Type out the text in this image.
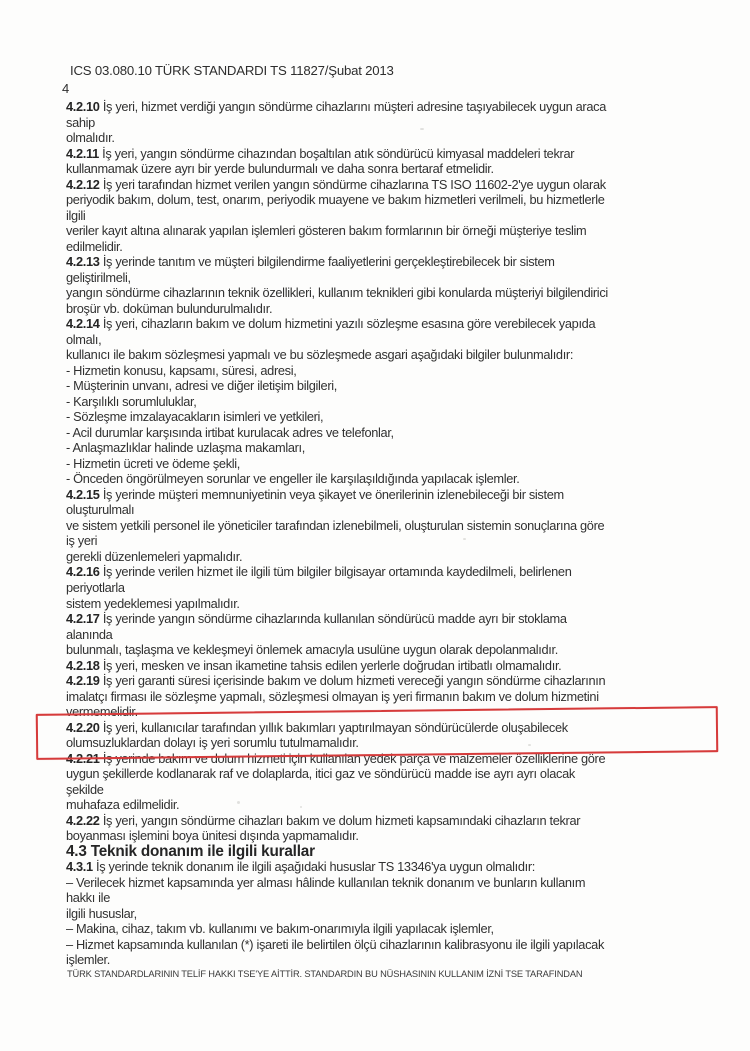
ICS 03.080.10 TÜRK STANDARDI TS 11827/Şubat 2013
4
4.2.10 İş yeri, hizmet verdiği yangın söndürme cihazlarını müşteri adresine taşıyabilecek uygun araca
sahip
olmalıdır.
4.2.11 İş yeri, yangın söndürme cihazından boşaltılan atık söndürücü kimyasal maddeleri tekrar
kullanmamak üzere ayrı bir yerde bulundurmalı ve daha sonra bertaraf etmelidir.
4.2.12 İş yeri tarafından hizmet verilen yangın söndürme cihazlarına TS ISO 11602-2'ye uygun olarak
periyodik bakım, dolum, test, onarım, periyodik muayene ve bakım hizmetleri verilmeli, bu hizmetlerle
ilgili
veriler kayıt altına alınarak yapılan işlemleri gösteren bakım formlarının bir örneği müşteriye teslim
edilmelidir.
4.2.13 İş yerinde tanıtım ve müşteri bilgilendirme faaliyetlerini gerçekleştirebilecek bir sistem
geliştirilmeli,
yangın söndürme cihazlarının teknik özellikleri, kullanım teknikleri gibi konularda müşteriyi bilgilendirici
broşür vb. doküman bulundurulmalıdır.
4.2.14 İş yeri, cihazların bakım ve dolum hizmetini yazılı sözleşme esasına göre verebilecek yapıda
olmalı,
kullanıcı ile bakım sözleşmesi yapmalı ve bu sözleşmede asgari aşağıdaki bilgiler bulunmalıdır:
- Hizmetin konusu, kapsamı, süresi, adresi,
- Müşterinin unvanı, adresi ve diğer iletişim bilgileri,
- Karşılıklı sorumluluklar,
- Sözleşme imzalayacakların isimleri ve yetkileri,
- Acil durumlar karşısında irtibat kurulacak adres ve telefonlar,
- Anlaşmazlıklar halinde uzlaşma makamları,
- Hizmetin ücreti ve ödeme şekli,
- Önceden öngörülmeyen sorunlar ve engeller ile karşılaşıldığında yapılacak işlemler.
4.2.15 İş yerinde müşteri memnuniyetinin veya şikayet ve önerilerinin izlenebileceği bir sistem
oluşturulmalı
ve sistem yetkili personel ile yöneticiler tarafından izlenebilmeli, oluşturulan sistemin sonuçlarına göre
iş yeri
gerekli düzenlemeleri yapmalıdır.
4.2.16 İş yerinde verilen hizmet ile ilgili tüm bilgiler bilgisayar ortamında kaydedilmeli, belirlenen
periyotlarla
sistem yedeklemesi yapılmalıdır.
4.2.17 İş yerinde yangın söndürme cihazlarında kullanılan söndürücü madde ayrı bir stoklama
alanında
bulunmalı, taşlaşma ve kekleşmeyi önlemek amacıyla usulüne uygun olarak depolanmalıdır.
4.2.18 İş yeri, mesken ve insan ikametine tahsis edilen yerlerle doğrudan irtibatlı olmamalıdır.
4.2.19 İş yeri garanti süresi içerisinde bakım ve dolum hizmeti vereceği yangın söndürme cihazlarının
imalatçı firması ile sözleşme yapmalı, sözleşmesi olmayan iş yeri firmanın bakım ve dolum hizmetini
vermemelidir.
4.2.20 İş yeri, kullanıcılar tarafından yıllık bakımları yaptırılmayan söndürücülerde oluşabilecek
olumsuzluklardan dolayı iş yeri sorumlu tutulmamalıdır.
4.2.21 İş yerinde bakım ve dolum hizmeti için kullanılan yedek parça ve malzemeler özelliklerine göre
uygun şekillerde kodlanarak raf ve dolaplarda, itici gaz ve söndürücü madde ise ayrı ayrı olacak
şekilde
muhafaza edilmelidir.
4.2.22 İş yeri, yangın söndürme cihazları bakım ve dolum hizmeti kapsamındaki cihazların tekrar
boyanması işlemini boya ünitesi dışında yapmamalıdır.
4.3 Teknik donanım ile ilgili kurallar
4.3.1 İş yerinde teknik donanım ile ilgili aşağıdaki hususlar TS 13346'ya uygun olmalıdır:
– Verilecek hizmet kapsamında yer alması hâlinde kullanılan teknik donanım ve bunların kullanım
hakkı ile
ilgili hususlar,
– Makina, cihaz, takım vb. kullanımı ve bakım-onarımıyla ilgili yapılacak işlemler,
– Hizmet kapsamında kullanılan (*) işareti ile belirtilen ölçü cihazlarının kalibrasyonu ile ilgili yapılacak
işlemler.
TÜRK STANDARDLARININ TELİF HAKKI TSE'YE AİTTİR. STANDARDIN BU NÜSHASININ KULLANIM İZNİ TSE TARAFINDAN
